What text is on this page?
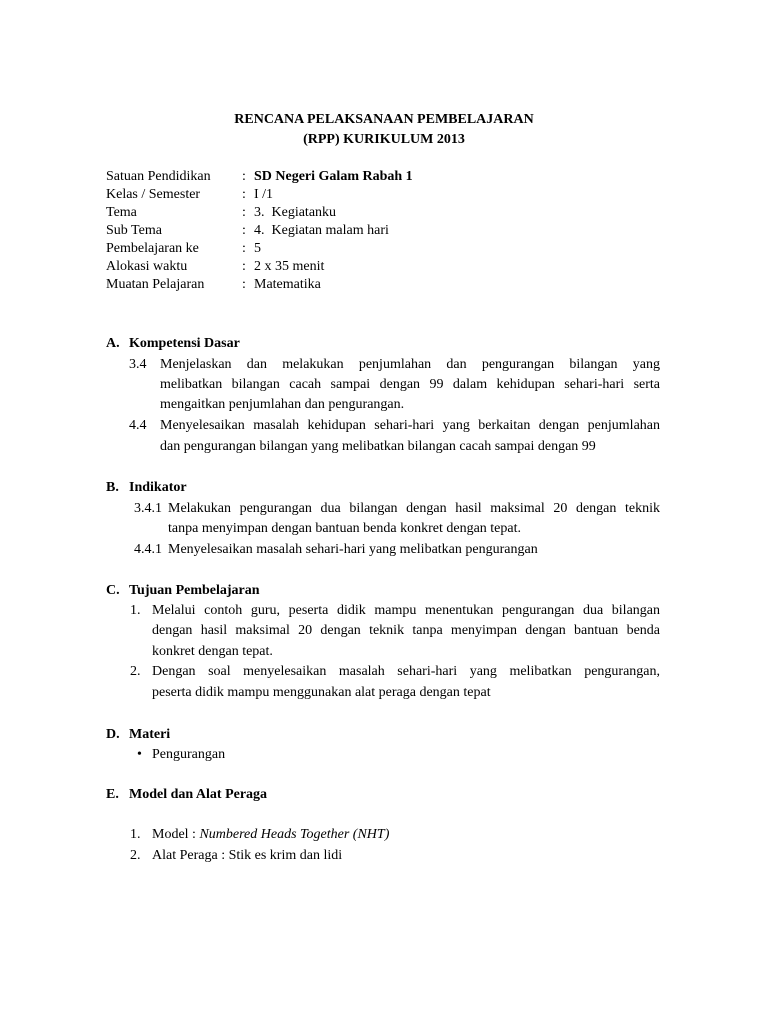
RENCANA PELAKSANAAN PEMBELAJARAN
(RPP) KURIKULUM 2013
Satuan Pendidikan : SD Negeri Galam Rabah 1
Kelas / Semester	: I /1
Tema	: 3.  Kegiatanku
Sub Tema	: 4.  Kegiatan malam hari
Pembelajaran ke	: 5
Alokasi waktu	: 2 x 35 menit
Muatan Pelajaran	: Matematika
A. Kompetensi Dasar
3.4 Menjelaskan dan melakukan penjumlahan dan pengurangan bilangan yang
melibatkan bilangan cacah sampai dengan 99 dalam kehidupan sehari-hari serta
mengaitkan penjumlahan dan pengurangan.
4.4 Menyelesaikan masalah kehidupan sehari-hari yang berkaitan dengan penjumlahan
dan pengurangan bilangan yang melibatkan bilangan cacah sampai dengan 99
B. Indikator
3.4.1 Melakukan pengurangan dua bilangan dengan hasil maksimal 20 dengan teknik
tanpa menyimpan dengan bantuan benda konkret dengan tepat.
4.4.1 Menyelesaikan masalah sehari-hari yang melibatkan pengurangan
C. Tujuan Pembelajaran
1. Melalui contoh guru, peserta didik mampu menentukan pengurangan dua bilangan
dengan hasil maksimal 20 dengan teknik tanpa menyimpan dengan bantuan benda
konkret dengan tepat.
2. Dengan soal menyelesaikan masalah sehari-hari yang melibatkan pengurangan,
peserta didik mampu menggunakan alat peraga dengan tepat
D. Materi
• Pengurangan
E. Model dan Alat Peraga
1. Model : Numbered Heads Together (NHT)
2. Alat Peraga : Stik es krim dan lidi
